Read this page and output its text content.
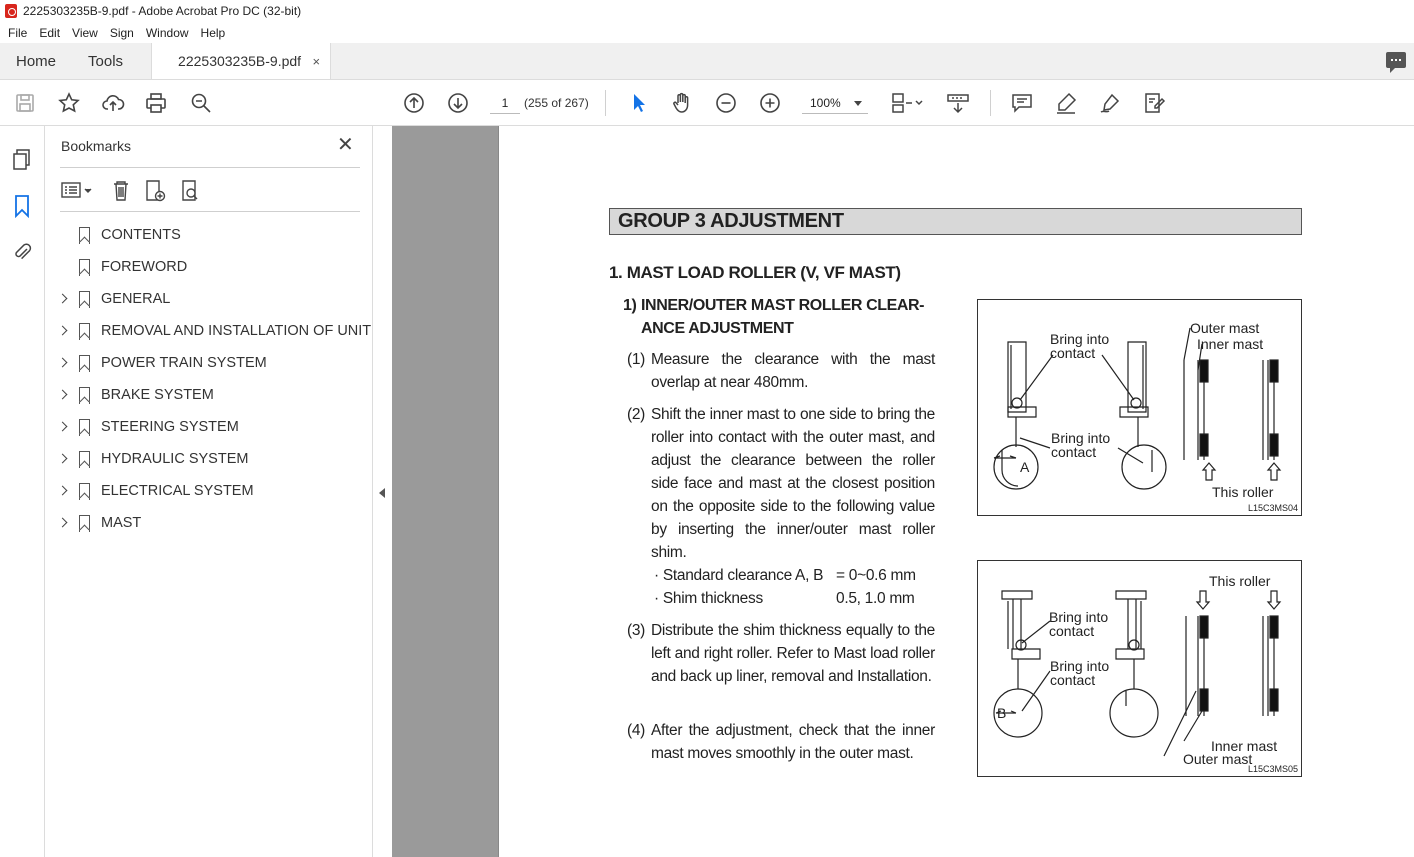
2225303235B-9.pdf - Adobe Acrobat Pro DC (32-bit)
File Edit View Sign Window Help
Home	Tools	2225303235B-9.pdf ×
1	(255 of 267)	100%
Bookmarks	✕
CONTENTS
FOREWORD
GENERAL
REMOVAL AND INSTALLATION OF UNIT
POWER TRAIN SYSTEM
BRAKE SYSTEM
STEERING SYSTEM
HYDRAULIC SYSTEM
ELECTRICAL SYSTEM
MAST
GROUP 3 ADJUSTMENT
1. MAST LOAD ROLLER (V, VF MAST)
1) INNER/OUTER MAST ROLLER CLEAR-ANCE ADJUSTMENT
(1) Measure the clearance with the mast overlap at near 480mm.
(2) Shift the inner mast to one side to bring the roller into contact with the outer mast, and adjust the clearance between the roller side face and mast at the closest position on the opposite side to the following value by inserting the inner/outer mast roller shim.
· Standard clearance A, B = 0~0.6 mm
· Shim thickness	0.5, 1.0 mm
(3) Distribute the shim thickness equally to the left and right roller. Refer to Mast load roller and back up liner, removal and Installation.
(4) After the adjustment, check that the inner mast moves smoothly in the outer mast.
Bring into
contact
Bring into
contact
Outer mast
Inner mast
This roller
A
L15C3MS04
Bring into
contact
Bring into
contact
This roller
Inner mast
Outer mast
B
L15C3MS05
